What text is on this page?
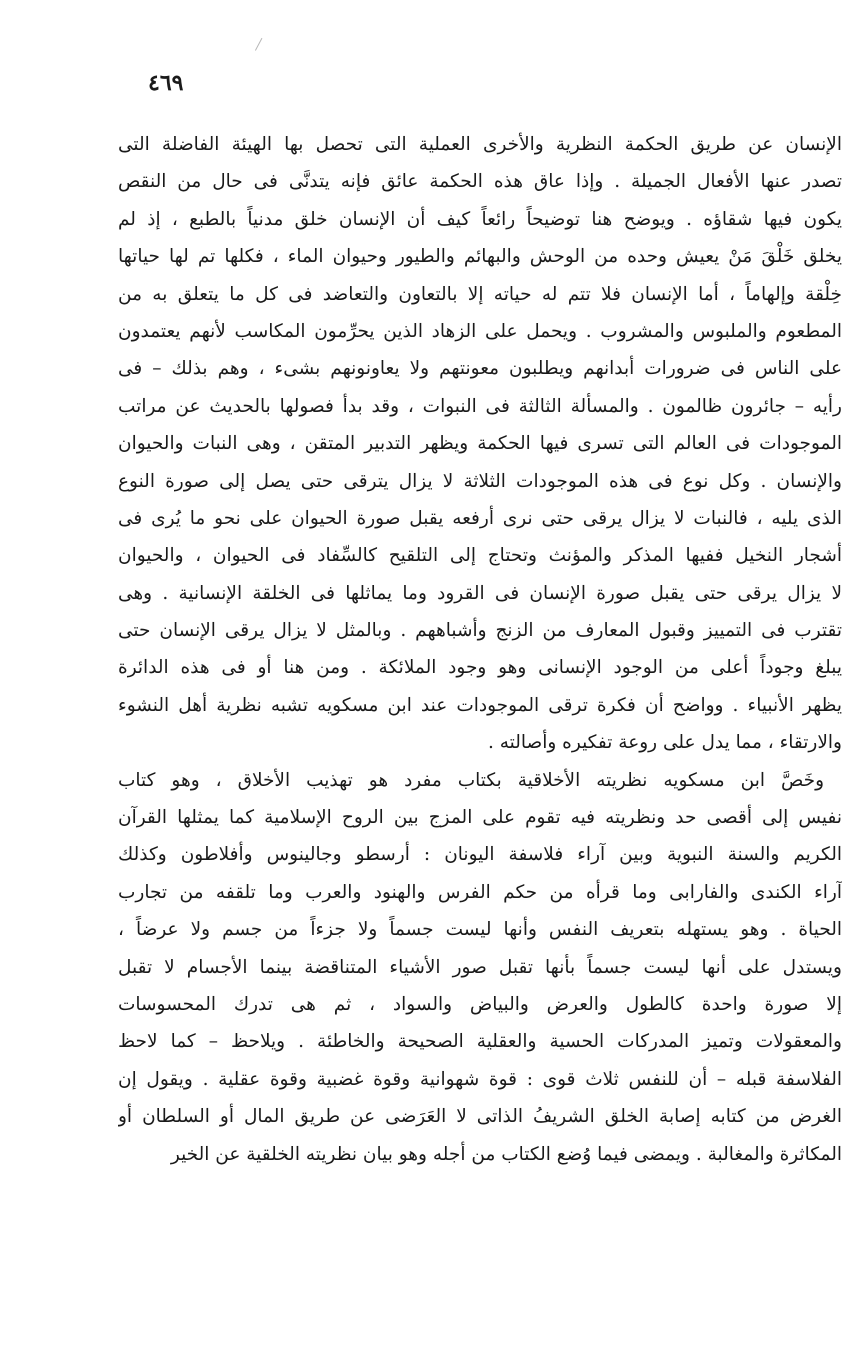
٤٦٩
الإنسان عن طريق الحكمة النظرية والأخرى العملية التى تحصل بها الهيئة الفاضلة التى
تصدر عنها الأفعال الجميلة . وإذا عاق هذه الحكمة عائق فإنه يتدنَّى فى حال من النقص
يكون فيها شقاؤه . ويوضح هنا توضيحاً رائعاً كيف أن الإنسان خلق مدنياً بالطبع ، إذ لم
يخلق خَلْقَ مَنْ يعيش وحده من الوحش والبهائم والطيور وحيوان الماء ، فكلها تم لها حياتها
خِلْقة وإلهاماً ، أما الإنسان فلا تتم له حياته إلا بالتعاون والتعاضد فى كل ما يتعلق به من
المطعوم والملبوس والمشروب . ويحمل على الزهاد الذين يحرِّمون المكاسب لأنهم يعتمدون
على الناس فى ضرورات أبدانهم ويطلبون معونتهم ولا يعاونونهم بشىء ، وهم بذلك – فى
رأيه – جائرون ظالمون . والمسألة الثالثة فى النبوات ، وقد بدأ فصولها بالحديث عن مراتب
الموجودات فى العالم التى تسرى فيها الحكمة ويظهر التدبير المتقن ، وهى النبات والحيوان
والإنسان . وكل نوع فى هذه الموجودات الثلاثة لا يزال يترقى حتى يصل إلى صورة النوع
الذى يليه ، فالنبات لا يزال يرقى حتى نرى أرفعه يقبل صورة الحيوان على نحو ما يُرى فى
أشجار النخيل ففيها المذكر والمؤنث وتحتاج إلى التلقيح كالسِّفاد فى الحيوان ، والحيوان
لا يزال يرقى حتى يقبل صورة الإنسان فى القرود وما يماثلها فى الخلقة الإنسانية . وهى
تقترب فى التمييز وقبول المعارف من الزنج وأشباههم . وبالمثل لا يزال يرقى الإنسان حتى
يبلغ وجوداً أعلى من الوجود الإنسانى وهو وجود الملائكة . ومن هنا أو فى هذه الدائرة
يظهر الأنبياء . وواضح أن فكرة ترقى الموجودات عند ابن مسكويه تشبه نظرية أهل النشوء
والارتقاء ، مما يدل على روعة تفكيره وأصالته .
وخَصَّ ابن مسكويه نظريته الأخلاقية بكتاب مفرد هو تهذيب الأخلاق ، وهو كتاب
نفيس إلى أقصى حد ونظريته فيه تقوم على المزج بين الروح الإسلامية كما يمثلها القرآن
الكريم والسنة النبوية وبين آراء فلاسفة اليونان : أرسطو وجالينوس وأفلاطون وكذلك
آراء الكندى والفارابى وما قرأه من حكم الفرس والهنود والعرب وما تلقفه من تجارب
الحياة . وهو يستهله بتعريف النفس وأنها ليست جسماً ولا جزءاً من جسم ولا عرضاً ،
ويستدل على أنها ليست جسماً بأنها تقبل صور الأشياء المتناقضة بينما الأجسام لا تقبل
إلا صورة واحدة كالطول والعرض والبياض والسواد ، ثم هى تدرك المحسوسات
والمعقولات وتميز المدركات الحسية والعقلية الصحيحة والخاطئة . ويلاحظ – كما لاحظ
الفلاسفة قبله – أن للنفس ثلاث قوى : قوة شهوانية وقوة غضبية وقوة عقلية . ويقول إن
الغرض من كتابه إصابة الخلق الشريفُ الذاتى لا العَرَضى عن طريق المال أو السلطان أو
المكاثرة والمغالبة . ويمضى فيما وُضع الكتاب من أجله وهو بيان نظريته الخلقية عن الخير
